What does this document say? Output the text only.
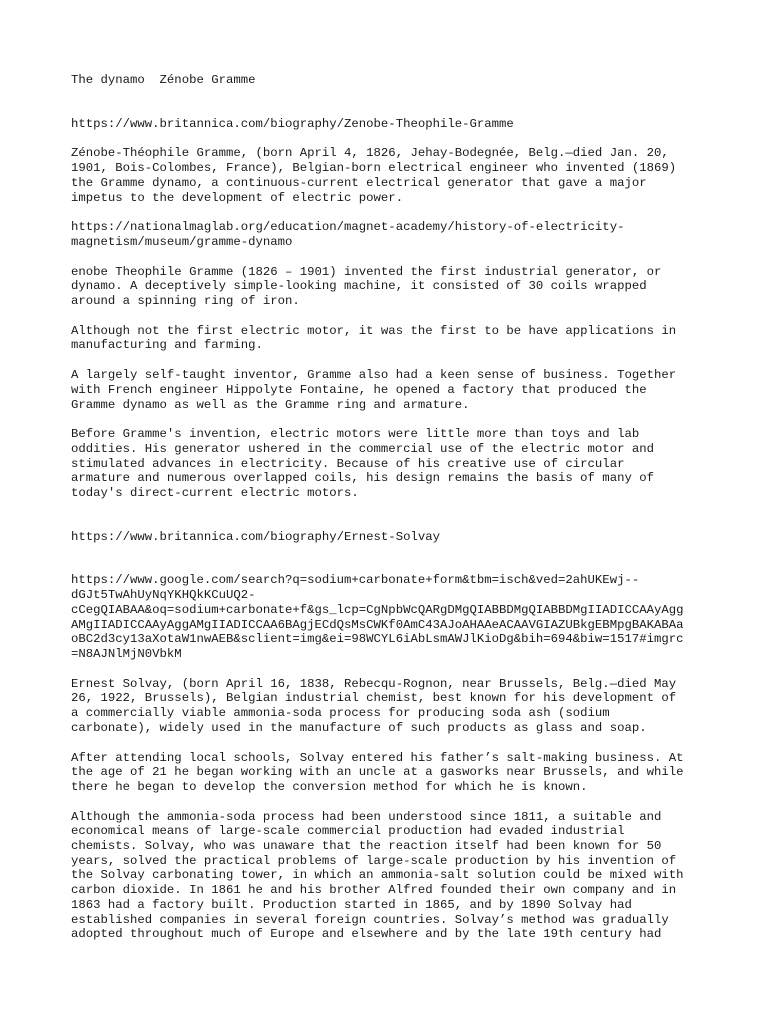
The dynamo  Zénobe Gramme

https://www.britannica.com/biography/Zenobe-Theophile-Gramme

Zénobe-Théophile Gramme, (born April 4, 1826, Jehay-Bodegnée, Belg.—died Jan. 20,
1901, Bois-Colombes, France), Belgian-born electrical engineer who invented (1869)
the Gramme dynamo, a continuous-current electrical generator that gave a major
impetus to the development of electric power.

https://nationalmaglab.org/education/magnet-academy/history-of-electricity-
magnetism/museum/gramme-dynamo

enobe Theophile Gramme (1826 – 1901) invented the first industrial generator, or
dynamo. A deceptively simple-looking machine, it consisted of 30 coils wrapped
around a spinning ring of iron.

Although not the first electric motor, it was the first to be have applications in
manufacturing and farming.

A largely self-taught inventor, Gramme also had a keen sense of business. Together
with French engineer Hippolyte Fontaine, he opened a factory that produced the
Gramme dynamo as well as the Gramme ring and armature.

Before Gramme's invention, electric motors were little more than toys and lab
oddities. His generator ushered in the commercial use of the electric motor and
stimulated advances in electricity. Because of his creative use of circular
armature and numerous overlapped coils, his design remains the basis of many of
today's direct-current electric motors.

https://www.britannica.com/biography/Ernest-Solvay

https://www.google.com/search?q=sodium+carbonate+form&tbm=isch&ved=2ahUKEwj--
dGJt5TwAhUyNqYKHQkKCuUQ2-
cCegQIABAA&oq=sodium+carbonate+f&gs_lcp=CgNpbWcQARgDMgQIABBDMgQIABBDMgIIADICCAAyAgg
AMgIIADICCAAyAggAMgIIADICCAA6BAgjECdQsMsCWKf0AmC43AJoAHAAeACAAVGIAZUBkgEBMpgBAKABAa
oBC2d3cy13aXotaW1nwAEB&sclient=img&ei=98WCYL6iAbLsmAWJlKioDg&bih=694&biw=1517#imgrc
=N8AJNlMjN0VbkM

Ernest Solvay, (born April 16, 1838, Rebecqu-Rognon, near Brussels, Belg.—died May
26, 1922, Brussels), Belgian industrial chemist, best known for his development of
a commercially viable ammonia-soda process for producing soda ash (sodium
carbonate), widely used in the manufacture of such products as glass and soap.

After attending local schools, Solvay entered his father’s salt-making business. At
the age of 21 he began working with an uncle at a gasworks near Brussels, and while
there he began to develop the conversion method for which he is known.

Although the ammonia-soda process had been understood since 1811, a suitable and
economical means of large-scale commercial production had evaded industrial
chemists. Solvay, who was unaware that the reaction itself had been known for 50
years, solved the practical problems of large-scale production by his invention of
the Solvay carbonating tower, in which an ammonia-salt solution could be mixed with
carbon dioxide. In 1861 he and his brother Alfred founded their own company and in
1863 had a factory built. Production started in 1865, and by 1890 Solvay had
established companies in several foreign countries. Solvay’s method was gradually
adopted throughout much of Europe and elsewhere and by the late 19th century had
